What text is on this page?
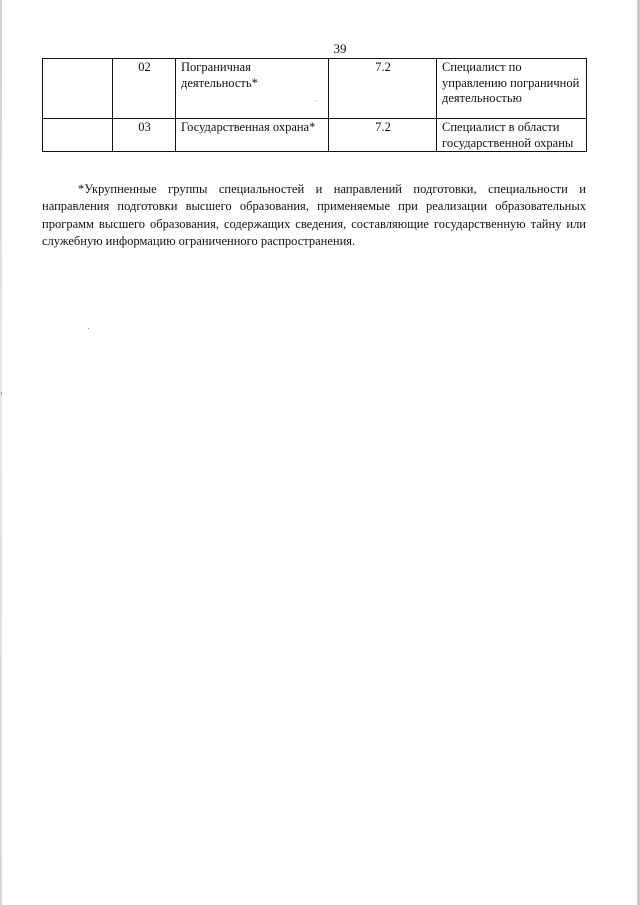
39
	02	Пограничная деятельность*	7.2	Специалист по управлению пограничной деятельностью
	03	Государственная охрана*	7.2	Специалист в области государственной охраны

*Укрупненные группы специальностей и направлений подготовки, специальности и направления подготовки высшего образования, применяемые при реализации образовательных программ высшего образования, содержащих сведения, составляющие государственную тайну или служебную информацию ограниченного распространения.
